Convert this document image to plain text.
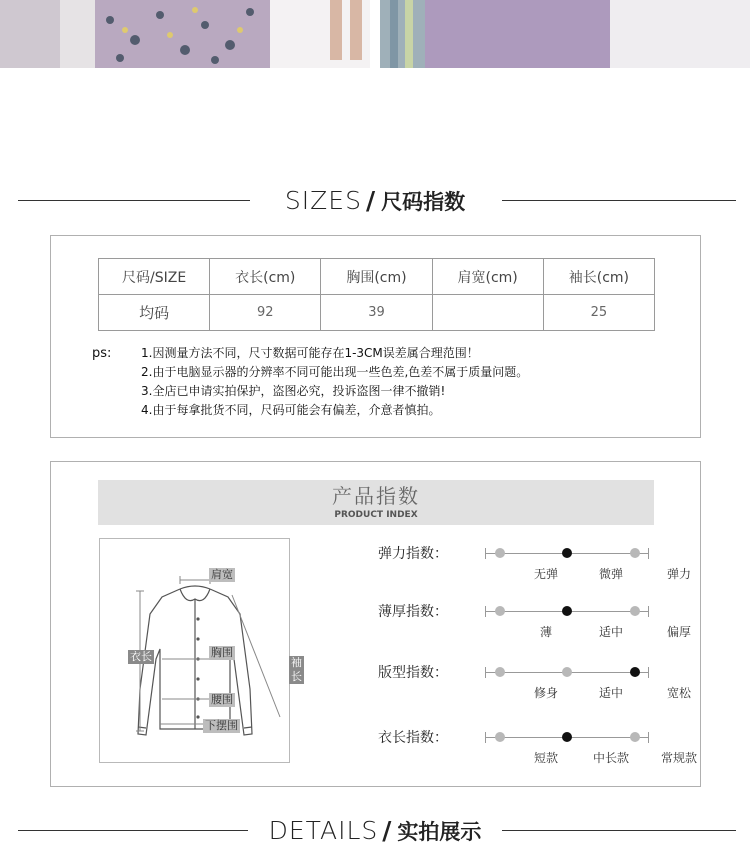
SIZES / 尺码指数
尺码/SIZE	衣长(cm)	胸围(cm)	肩宽(cm)	袖长(cm)
均码	92	39		25
ps: 1.因测量方法不同，尺寸数据可能存在1-3CM误差属合理范围！
2.由于电脑显示器的分辨率不同可能出现一些色差,色差不属于质量问题。
3.全店已申请实拍保护，盗图必究，投诉盗图一律不撤销!
4.由于每拿批货不同，尺码可能会有偏差，介意者慎拍。
产品指数
PRODUCT INDEX
肩宽
衣长	胸围
袖长
腰围
下摆围
弹力指数：
无弹	微弹	弹力
薄厚指数：
薄	适中	偏厚
版型指数：
修身	适中	宽松
衣长指数：
短款	中长款	常规款
DETAILS / 实拍展示
